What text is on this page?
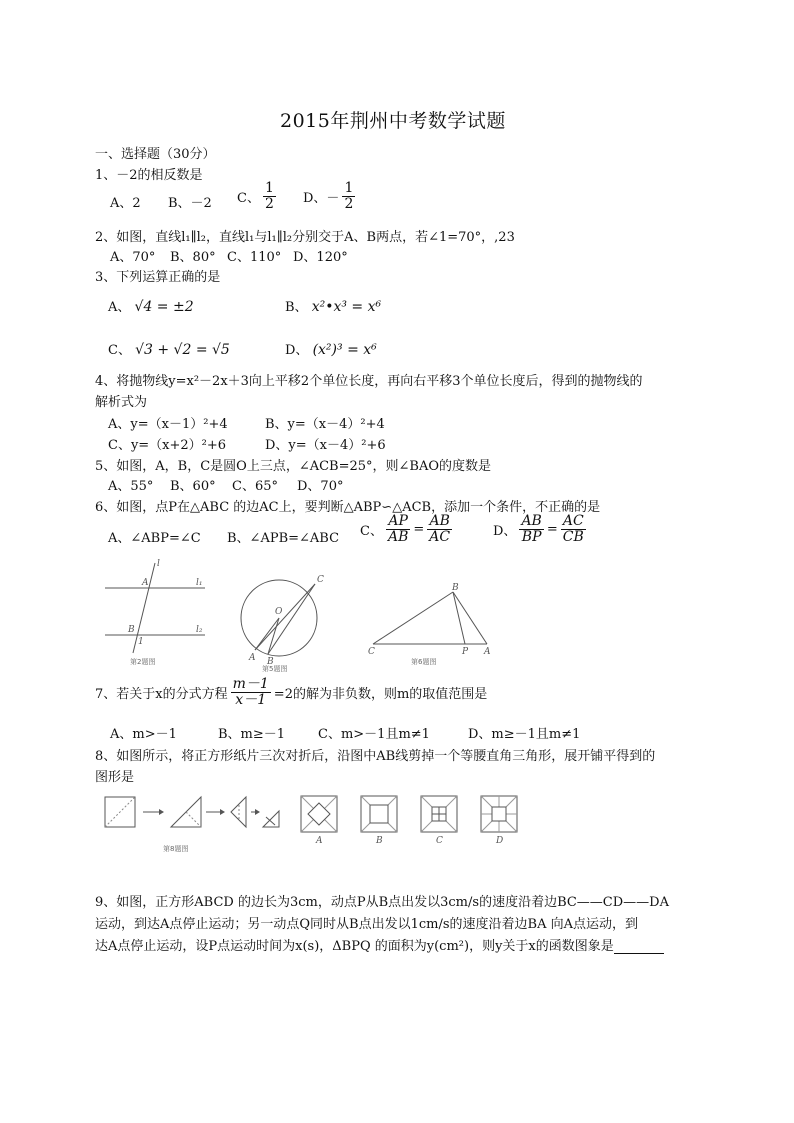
2015年荆州中考数学试题
一、选择题（30分）
1、－2的相反数是
A、2 B、－2 C、 $\frac{1}{2}$ D、－ $\frac{1}{2}$
2、如图，直线l₁∥l₂，直线l₁与l₁∥l₂分别交于A、B两点，若∠1=70°，,23
A、70° B、80° C、110° D、120°
3、下列运算正确的是
A、 √4 = ±2	B、 x²•x³ = x⁶
C、 √3 + √2 = √5	D、 (x²)³ = x⁶
4、将抛物线y=x²－2x＋3向上平移2个单位长度，再向右平移3个单位长度后，得到的抛物线的
解析式为
A、y=（x－1）²+4	B、y=（x－4）²+4
C、y=（x+2）²+6	D、y=（x－4）²+6
5、如图，A，B，C是圆O上三点，∠ACB=25°，则∠BAO的度数是
A、55° B、60° C、65° D、70°
6、如图，点P在△ABC 的边AC上，要判断△ABP∽△ACB，添加一个条件，不正确的是
A、∠ABP=∠C B、∠APB=∠ABC C、 $\frac{AP}{AB} = \frac{AB}{AC}$	D、 $\frac{AB}{BP} = \frac{AC}{CB}$
A
B
l₁
l₂
l
1
第2题图
C
O
A B
第5题图
B
C	P A
第6题图
7、若关于x的分式方程 $\frac{m-1}{x-1} =2$的解为非负数，则m的取值范围是
A、m>－1	B、m≥－1	C、m>－1且m≠1	D、m≥－1且m≠1
8、如图所示，将正方形纸片三次对折后，沿图中AB线剪掉一个等腰直角三角形，展开铺平得到的
图形是
第8题图
A	B	C	D
9、如图，正方形ABCD 的边长为3cm，动点P从B点出发以3cm/s的速度沿着边BC——CD——DA
运动，到达A点停止运动；另一动点Q同时从B点出发以1cm/s的速度沿着边BA 向A点运动，到
达A点停止运动，设P点运动时间为x(s)，ΔBPQ 的面积为y(cm²)，则y关于x的函数图象是
